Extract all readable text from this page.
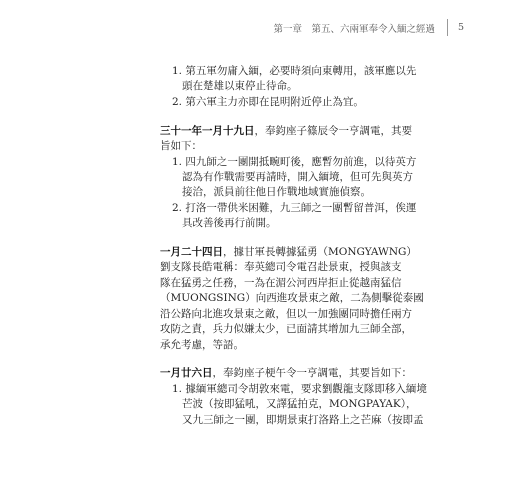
第一章　第五、六兩軍奉令入緬之經過 5
1. 第五軍勿庸入緬，必要時須向東轉用，該軍應以先
頭在楚雄以東停止待命。
2. 第六軍主力亦即在昆明附近停止為宜。
三十一年一月十九日，奉鈞座子篠辰令一亨調電，其要
旨如下：
1. 四九師之一團開抵畹町後，應暫勿前進，以待英方
認為有作戰需要再請時，開入緬境，但可先與英方
接洽，派員前往他日作戰地域實施偵察。
2. 打洛一帶供米困難，九三師之一團暫留普洱，俟運
具改善後再行前開。
一月二十四日，據甘軍長轉據猛勇（MONGYAWNG）
劉支隊長皓電稱：奉英總司令電召赴景東，授與該支
隊在猛勇之任務，一為在湄公河西岸拒止從越南猛信
（MUONGSING）向西進攻景東之敵，二為側擊從泰國
沿公路向北進攻景東之敵，但以一加強團同時擔任兩方
攻防之責，兵力似嫌太少，已面請其增加九三師全部，
承允考慮，等語。
一月廿六日，奉鈞座子梗午令一亨調電，其要旨如下：
1. 據緬軍總司令胡敦來電，要求劉觀龍支隊即移入緬境
芒波（按即猛吼，又譯猛拍克，MONGPAYAK），
又九三師之一團，即期景東打洛路上之芒麻（按即孟
